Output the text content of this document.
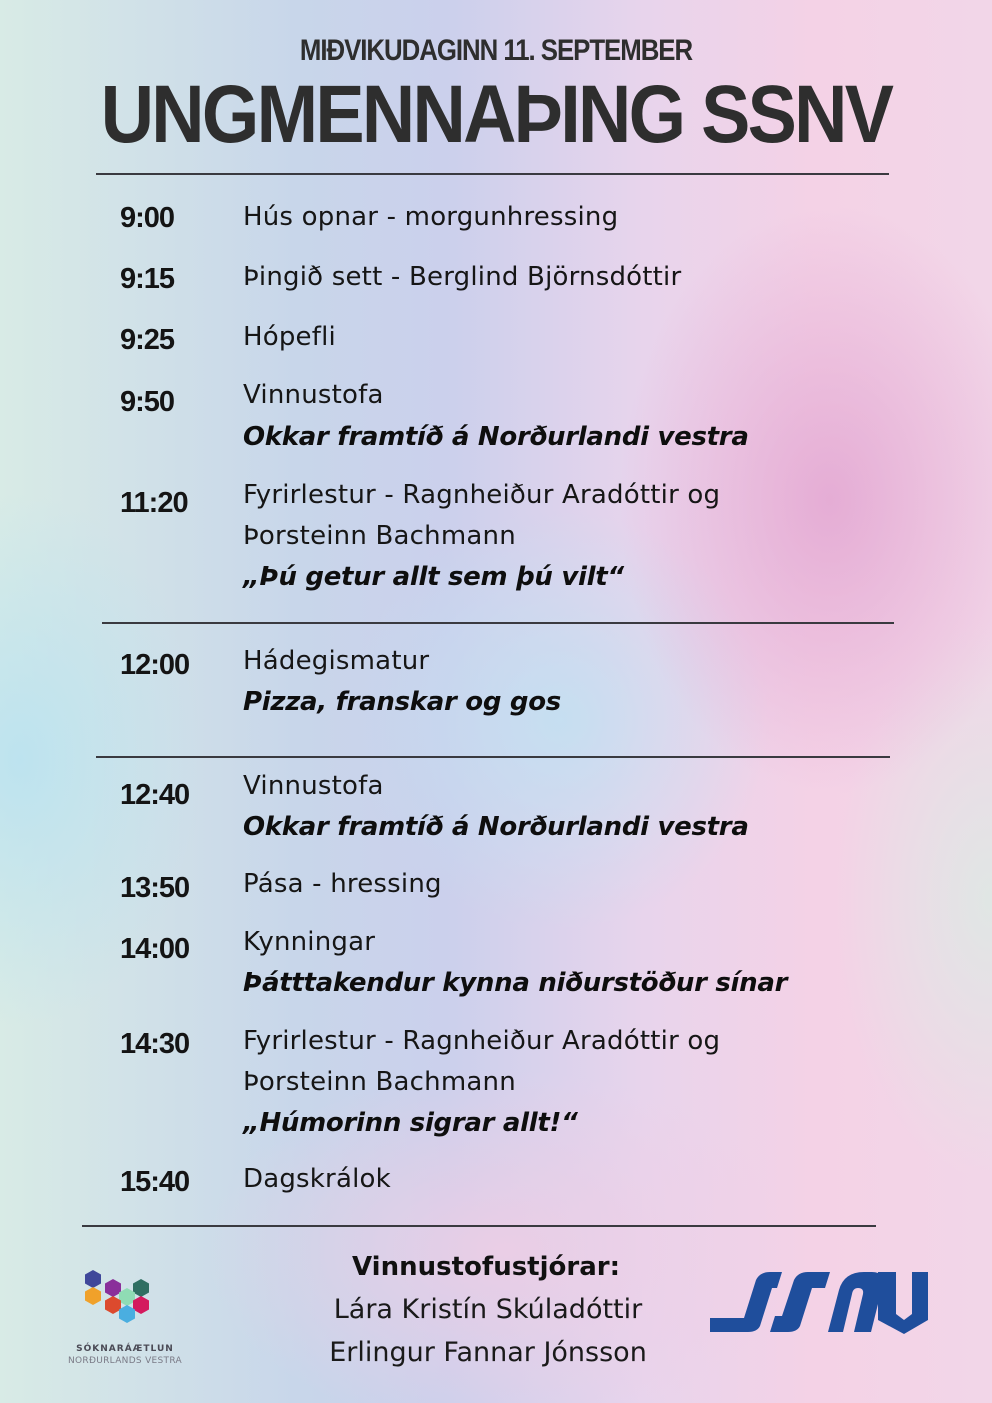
MIÐVIKUDAGINN 11. SEPTEMBER
UNGMENNAÞING SSNV
9:00	Hús opnar - morgunhressing
9:15	Þingið sett - Berglind Björnsdóttir
9:25	Hópefli
9:50	Vinnustofa
Okkar framtíð á Norðurlandi vestra
11:20 Fyrirlestur - Ragnheiður Aradóttir og
Þorsteinn Bachmann
„Þú getur allt sem þú vilt“
12:00 Hádegismatur
Pizza, franskar og gos
12:40 Vinnustofa
Okkar framtíð á Norðurlandi vestra
13:50 Pása - hressing
14:00 Kynningar
Þátttakendur kynna niðurstöður sínar
14:30 Fyrirlestur - Ragnheiður Aradóttir og
Þorsteinn Bachmann
„Húmorinn sigrar allt!“
15:40 Dagskrálok
SÓKNARÁÆTLUN
NORÐURLANDS VESTRA
Vinnustofustjórar:
Lára Kristín Skúladóttir
Erlingur Fannar Jónsson
